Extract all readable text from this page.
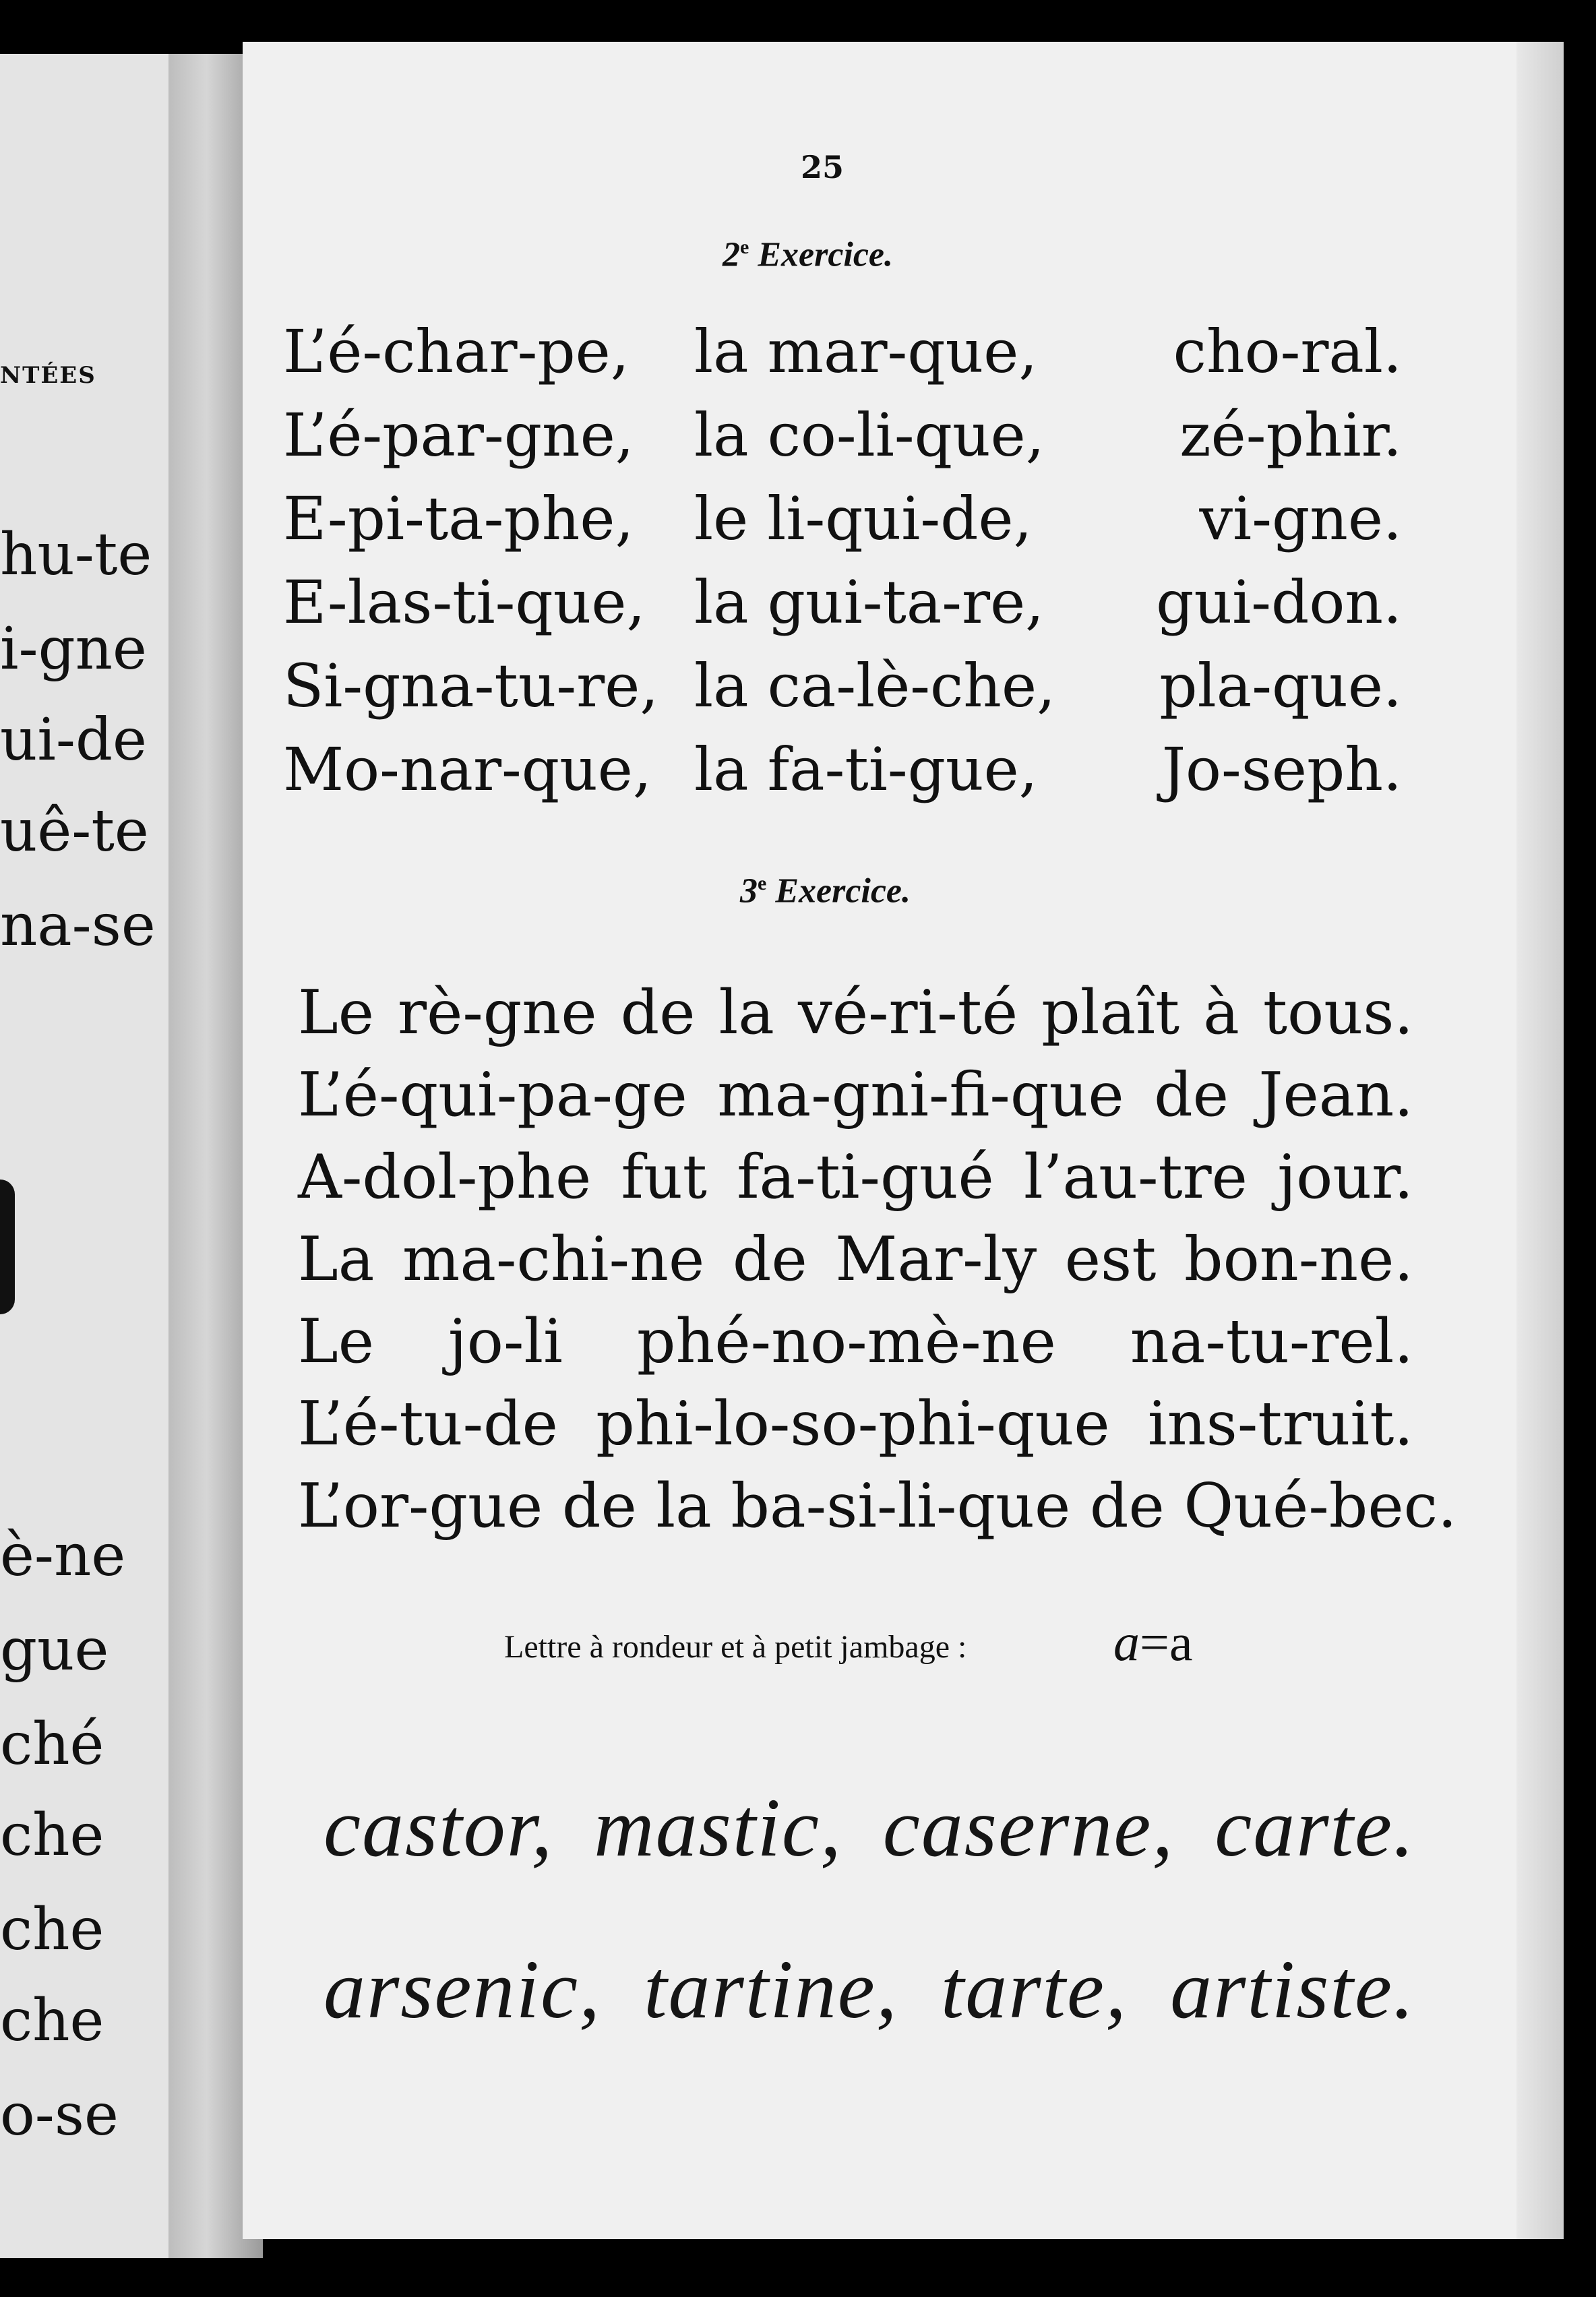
NTÉES
hu-te
i-gne
ui-de
uê-te
na-se
è-ne
gue
ché
che
che
che
o-se
25
2e Exercice.
L’é-char-pe, la mar-que, cho-ral.
L’é-par-gne, la co-li-que, zé-phir.
E-pi-ta-phe, le li-qui-de,	vi-gne.
E-las-ti-que, la gui-ta-re, gui-don.
Si-gna-tu-re, la ca-lè-che, pla-que.
Mo-nar-que, la fa-ti-gue, Jo-seph.
3e Exercice.
Le rè-gne de la vé-ri-té plaît à tous.
L’é-qui-pa-ge ma-gni-fi-que de Jean.
A-dol-phe fut fa-ti-gué l’au-tre jour.
La ma-chi-ne de Mar-ly est bon-ne.
Le jo-li phé-no-mè-ne na-tu-rel.
L’é-tu-de phi-lo-so-phi-que ins-truit.
L’or-gue de la ba-si-li-que de Qué-bec.
Lettre à rondeur et à petit jambage :	a=a
castor, mastic, caserne, carte.
arsenic, tartine, tarte, artiste.
